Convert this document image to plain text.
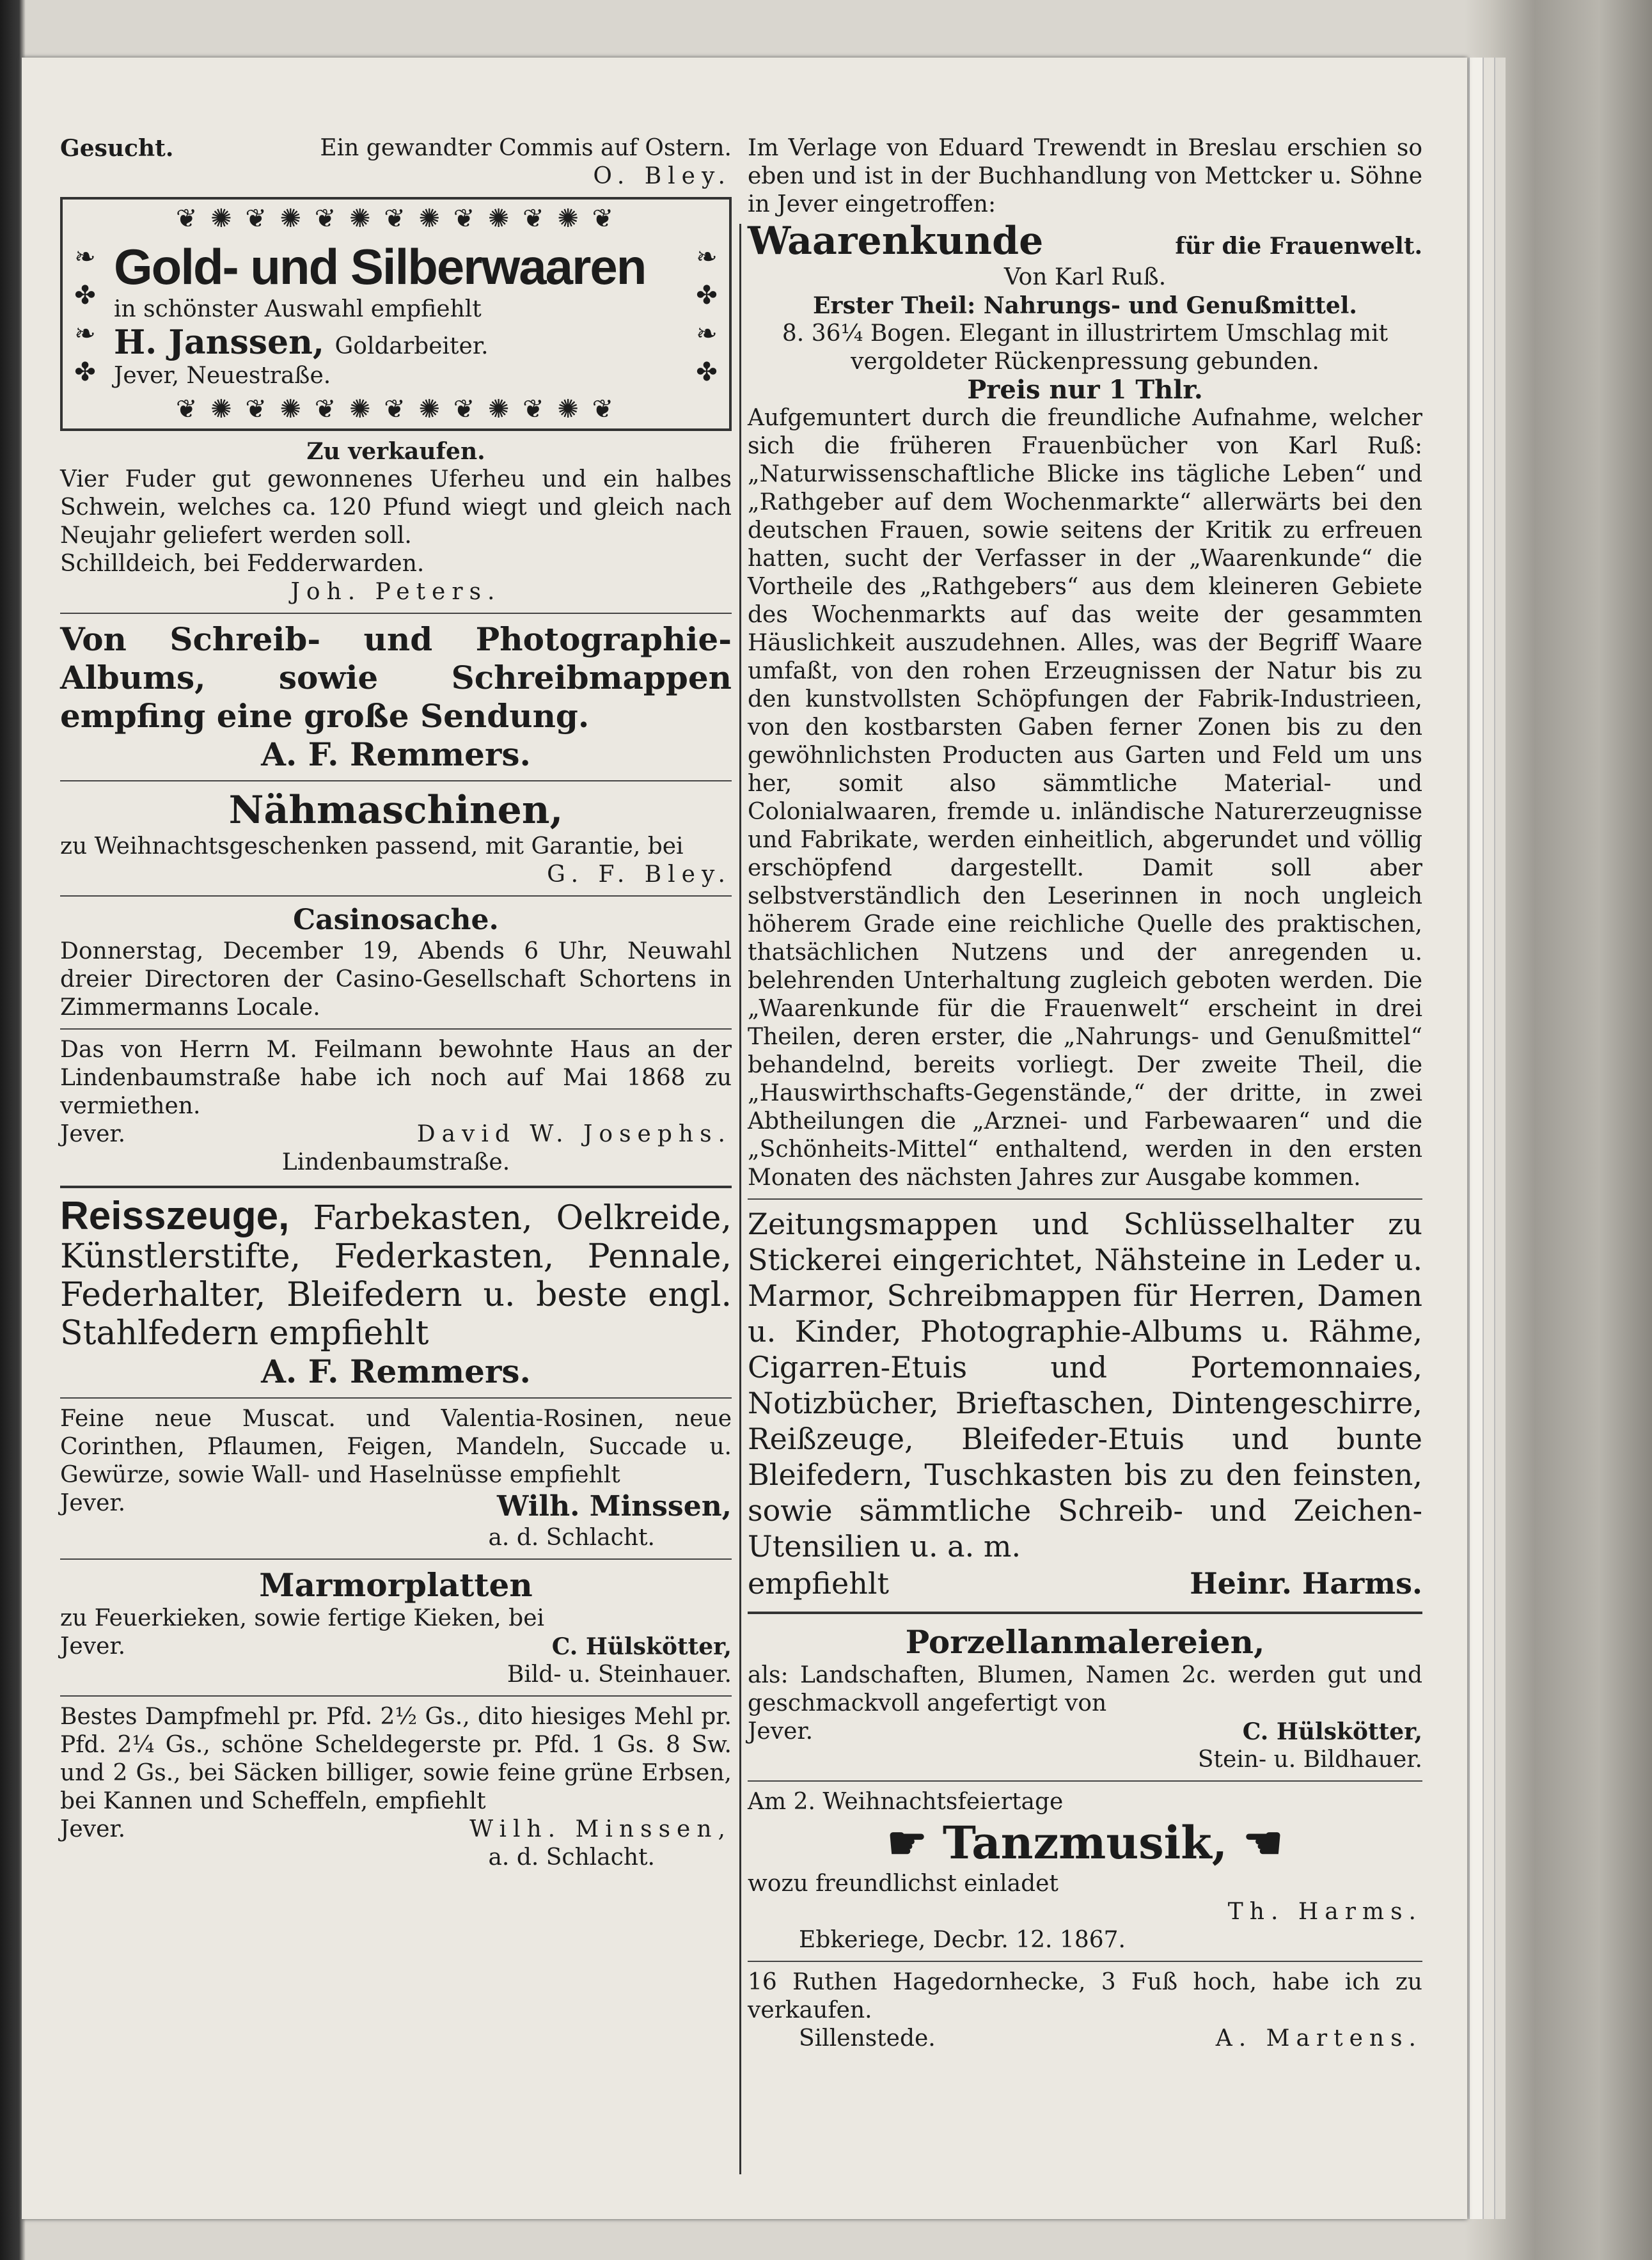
Gesucht.	Ein gewandter Commis auf Ostern.

O. Bley.

❦ ✺ ❦ ✺ ❦ ✺ ❦ ✺ ❦ ✺ ❦ ✺ ❦
❧
✤
❧
✤
❧
✤
❧
✤

Gold- und Silberwaaren

in schönster Auswahl empfiehlt

H. Janssen, Goldarbeiter.

Jever, Neuestraße.

❦ ✺ ❦ ✺ ❦ ✺ ❦ ✺ ❦ ✺ ❦ ✺ ❦

Zu verkaufen.

Vier Fuder gut gewonnenes Uferheu und ein halbes Schwein, welches ca. 120 Pfund wiegt und gleich nach Neujahr geliefert werden soll.

Schilldeich, bei Fedderwarden.

Joh. Peters.

Von Schreib- und Photographie-Albums, sowie Schreibmappen empfing eine große Sendung.

A. F. Remmers.

Nähmaschinen,

zu Weihnachtsgeschenken passend, mit Garantie, bei

G. F. Bley.

Casinosache.

Donnerstag, December 19, Abends 6 Uhr, Neuwahl dreier Directoren der Casino-Gesellschaft Schortens in Zimmermanns Locale.

Das von Herrn M. Feilmann bewohnte Haus an der Lindenbaumstraße habe ich noch auf Mai 1868 zu vermiethen.

Jever.	David W. Josephs.

Lindenbaumstraße.

Reisszeuge, Farbekasten, Oelkreide, Künstlerstifte, Federkasten, Pennale, Federhalter, Bleifedern u. beste engl. Stahlfedern empfiehlt

A. F. Remmers.

Feine neue Muscat. und Valentia-Rosinen, neue Corinthen, Pflaumen, Feigen, Mandeln, Succade u. Gewürze, sowie Wall- und Haselnüsse empfiehlt

Jever.	Wilh. Minssen,

a. d. Schlacht.

Marmorplatten

zu Feuerkieken, sowie fertige Kieken, bei

Jever.	C. Hülskötter,

Bild- u. Steinhauer.

Bestes Dampfmehl pr. Pfd. 2½ Gs., dito hiesiges Mehl pr. Pfd. 2¼ Gs., schöne Scheldegerste pr. Pfd. 1 Gs. 8 Sw. und 2 Gs., bei Säcken billiger, sowie feine grüne Erbsen, bei Kannen und Scheffeln, empfiehlt

Jever.	Wilh. Minssen,

a. d. Schlacht.

Im Verlage von Eduard Trewendt in Breslau erschien so eben und ist in der Buchhandlung von Mettcker u. Söhne in Jever eingetroffen:

Waarenkunde	für die Frauenwelt.

Von Karl Ruß.

Erster Theil: Nahrungs- und Genußmittel.

8. 36¼ Bogen. Elegant in illustrirtem Umschlag mit vergoldeter Rückenpressung gebunden.

Preis nur 1 Thlr.

Aufgemuntert durch die freundliche Aufnahme, welcher sich die früheren Frauenbücher von Karl Ruß: „Naturwissenschaftliche Blicke ins tägliche Leben“ und „Rathgeber auf dem Wochenmarkte“ allerwärts bei den deutschen Frauen, sowie seitens der Kritik zu erfreuen hatten, sucht der Verfasser in der „Waarenkunde“ die Vortheile des „Rathgebers“ aus dem kleineren Gebiete des Wochenmarkts auf das weite der gesammten Häuslichkeit auszudehnen. Alles, was der Begriff Waare umfaßt, von den rohen Erzeugnissen der Natur bis zu den kunstvollsten Schöpfungen der Fabrik-Industrieen, von den kostbarsten Gaben ferner Zonen bis zu den gewöhnlichsten Producten aus Garten und Feld um uns her, somit also sämmtliche Material- und Colonialwaaren, fremde u. inländische Naturerzeugnisse und Fabrikate, werden einheitlich, abgerundet und völlig erschöpfend dargestellt. Damit soll aber selbstverständlich den Leserinnen in noch ungleich höherem Grade eine reichliche Quelle des praktischen, thatsächlichen Nutzens und der anregenden u. belehrenden Unterhaltung zugleich geboten werden. Die „Waarenkunde für die Frauenwelt“ erscheint in drei Theilen, deren erster, die „Nahrungs- und Genußmittel“ behandelnd, bereits vorliegt. Der zweite Theil, die „Hauswirthschafts-Gegenstände,“ der dritte, in zwei Abtheilungen die „Arznei- und Farbewaaren“ und die „Schönheits-Mittel“ enthaltend, werden in den ersten Monaten des nächsten Jahres zur Ausgabe kommen.

Zeitungsmappen und Schlüsselhalter zu Stickerei eingerichtet, Nähsteine in Leder u. Marmor, Schreibmappen für Herren, Damen u. Kinder, Photographie-Albums u. Rähme, Cigarren-Etuis und Portemonnaies, Notizbücher, Brieftaschen, Dintengeschirre, Reißzeuge, Bleifeder-Etuis und bunte Bleifedern, Tuschkasten bis zu den feinsten, sowie sämmtliche Schreib- und Zeichen-Utensilien u. a. m.

empfiehlt	Heinr. Harms.

Porzellanmalereien,

als: Landschaften, Blumen, Namen 2c. werden gut und geschmackvoll angefertigt von

Jever.	C. Hülskötter,

Stein- u. Bildhauer.

Am 2. Weihnachtsfeiertage

☛ Tanzmusik, ☚

wozu freundlichst einladet

Th. Harms.

Ebkeriege, Decbr. 12. 1867.

16 Ruthen Hagedornhecke, 3 Fuß hoch, habe ich zu verkaufen.

Sillenstede.	A. Martens.
